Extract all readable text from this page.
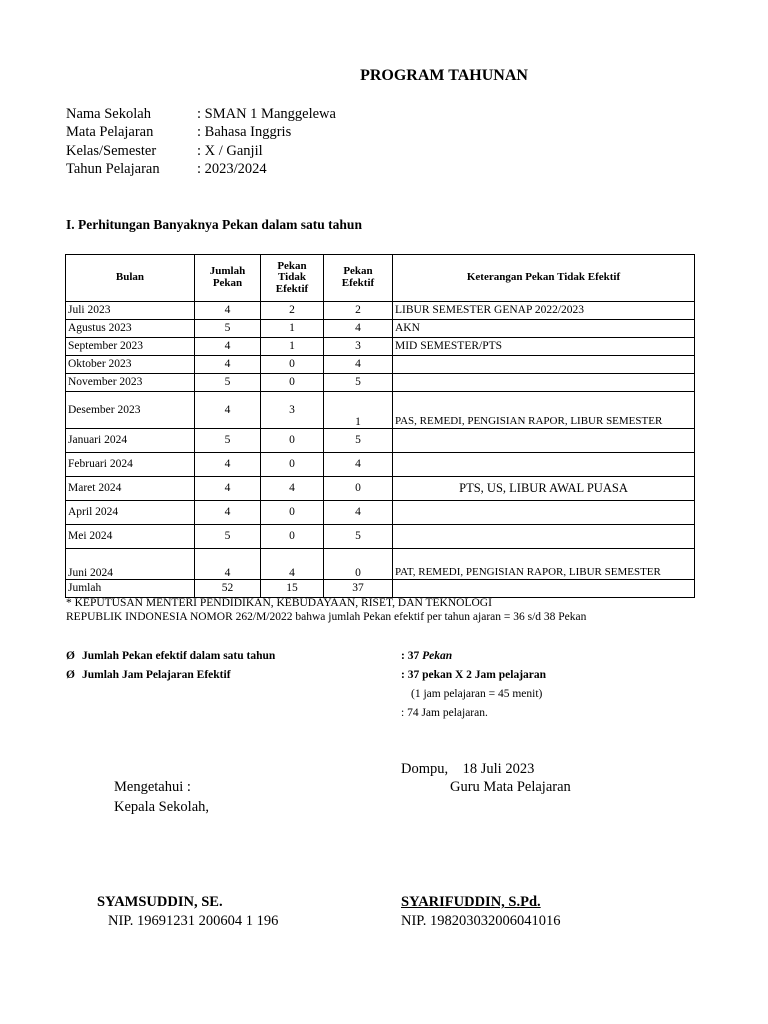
PROGRAM TAHUNAN
Nama Sekolah	: SMAN 1 Manggelewa
Mata Pelajaran	: Bahasa Inggris
Kelas/Semester	: X / Ganjil
Tahun Pelajaran	: 2023/2024
I. Perhitungan Banyaknya Pekan dalam satu tahun
Bulan	Jumlah Pekan	Pekan Tidak Efektif	Pekan Efektif	Keterangan Pekan Tidak Efektif
Juli 2023	4	2	2	LIBUR SEMESTER GENAP 2022/2023
Agustus 2023	5	1	4	AKN
September 2023	4	1	3	MID SEMESTER/PTS
Oktober 2023	4	0	4	
November 2023	5	0	5	
Desember 2023	4	3	1	PAS, REMEDI, PENGISIAN RAPOR, LIBUR SEMESTER
Januari 2024	5	0	5	
Februari 2024	4	0	4	
Maret 2024	4	4	0	PTS, US, LIBUR AWAL PUASA
April 2024	4	0	4	
Mei 2024	5	0	5	
Juni 2024	4	4	0	PAT, REMEDI, PENGISIAN RAPOR, LIBUR SEMESTER
Jumlah	52	15	37	
* KEPUTUSAN MENTERI PENDIDIKAN, KEBUDAYAAN, RISET, DAN TEKNOLOGI
REPUBLIK INDONESIA NOMOR 262/M/2022 bahwa jumlah Pekan efektif per tahun ajaran = 36 s/d 38 Pekan
Ø Jumlah Pekan efektif dalam satu tahun	: 37 Pekan
Ø Jumlah Jam Pelajaran Efektif	: 37 pekan X 2 Jam pelajaran
(1 jam pelajaran = 45 menit)
: 74 Jam pelajaran.
Dompu,    18 Juli 2023
Mengetahui :	Guru Mata Pelajaran
Kepala Sekolah,
SYAMSUDDIN, SE.
NIP. 19691231 200604 1 196
SYARIFUDDIN, S.Pd.
NIP. 198203032006041016
